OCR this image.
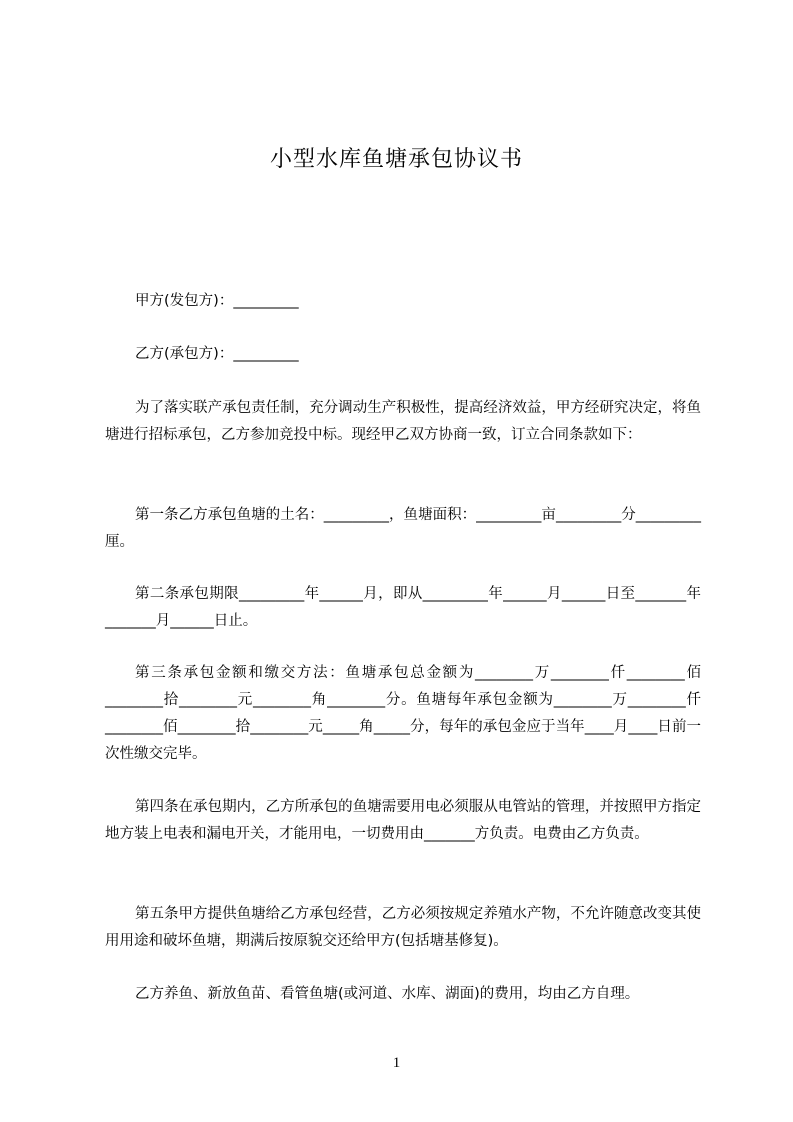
小型水库鱼塘承包协议书
甲方(发包方)：_________
乙方(承包方)：_________
为了落实联产承包责任制，充分调动生产积极性，提高经济效益，甲方经研究决定，将鱼塘进行招标承包，乙方参加竞投中标。现经甲乙双方协商一致，订立合同条款如下：
第一条乙方承包鱼塘的土名：_________，鱼塘面积：_________亩_________分_________厘。
第二条承包期限_________年______月，即从_________年______月______日至_______年_______月______日止。
第三条承包金额和缴交方法：鱼塘承包总金额为________万________仟________佰________拾________元________角________分。鱼塘每年承包金额为________万________仟________佰________拾________元_____角_____分，每年的承包金应于当年____月____日前一次性缴交完毕。
第四条在承包期内，乙方所承包的鱼塘需要用电必须服从电管站的管理，并按照甲方指定地方装上电表和漏电开关，才能用电，一切费用由_______方负责。电费由乙方负责。
第五条甲方提供鱼塘给乙方承包经营，乙方必须按规定养殖水产物，不允许随意改变其使用用途和破坏鱼塘，期满后按原貌交还给甲方(包括塘基修复)。
乙方养鱼、新放鱼苗、看管鱼塘(或河道、水库、湖面)的费用，均由乙方自理。
1
